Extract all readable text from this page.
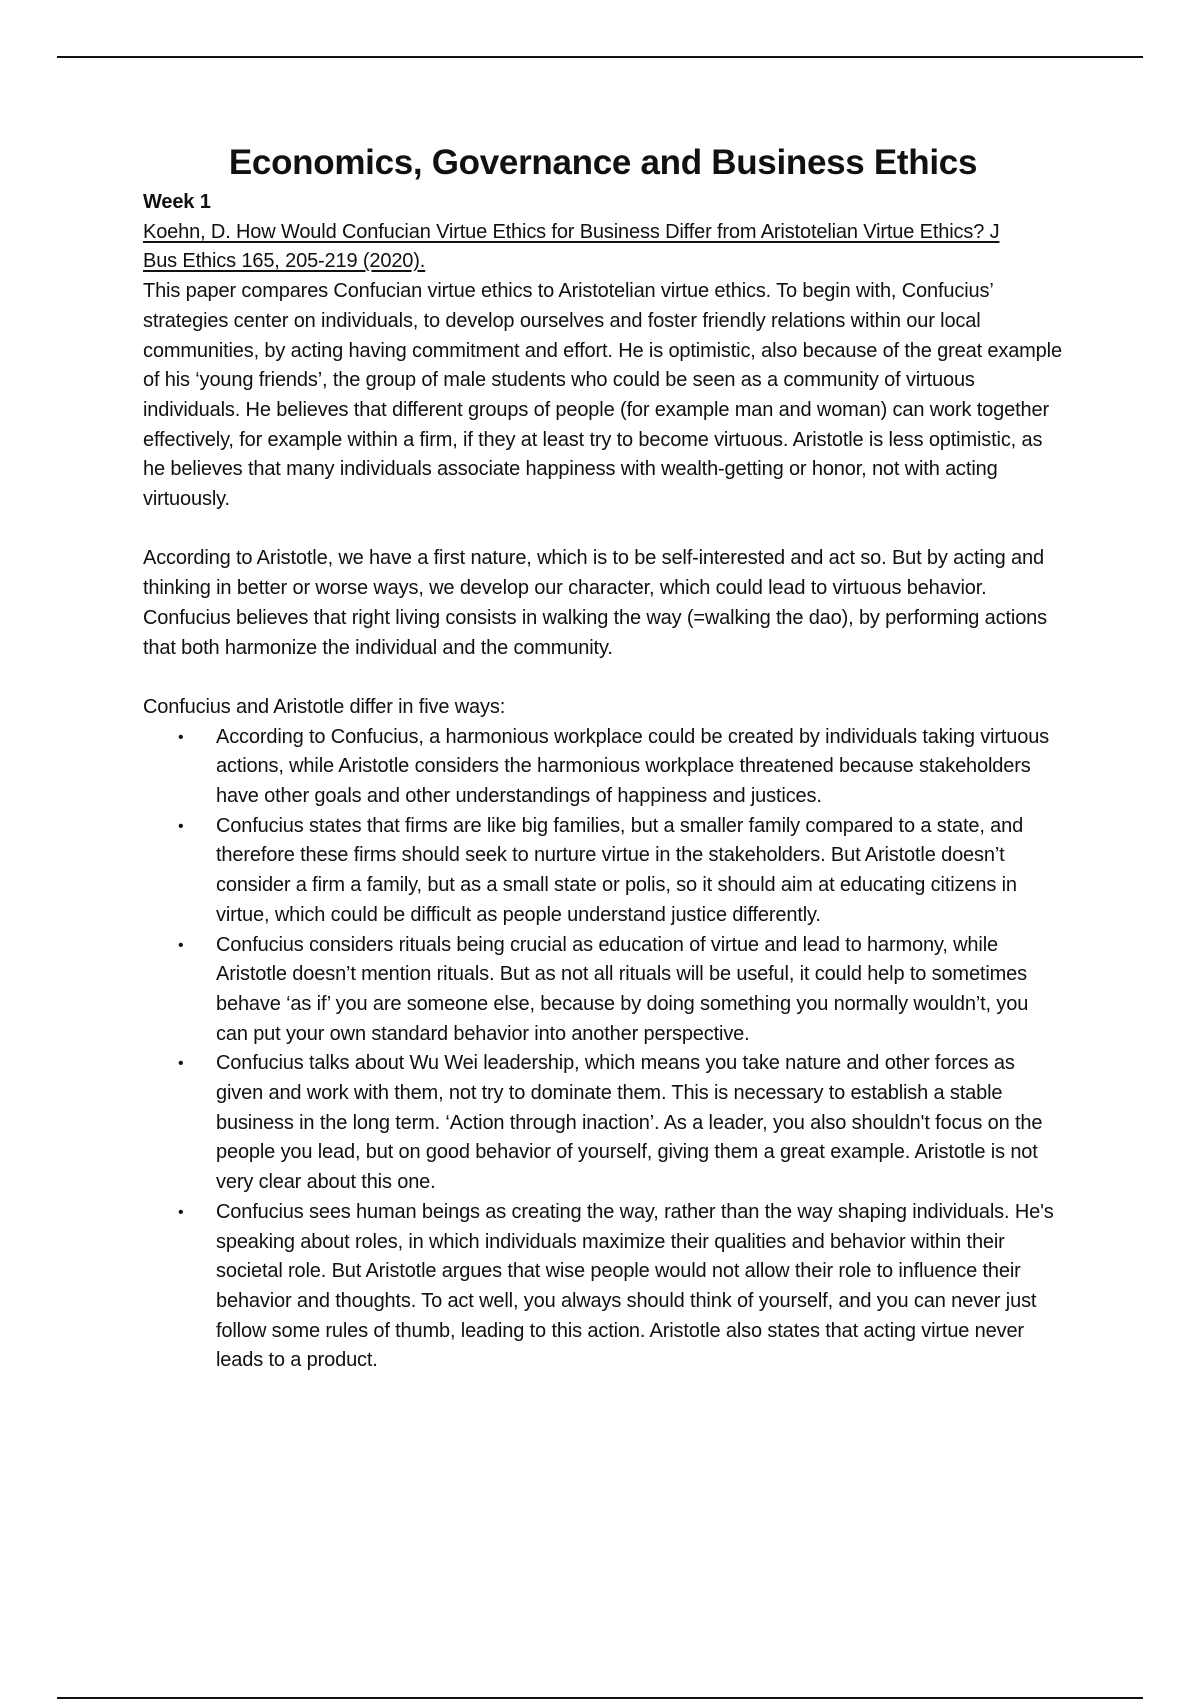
Economics, Governance and Business Ethics

Week 1

Koehn, D. How Would Confucian Virtue Ethics for Business Differ from Aristotelian Virtue Ethics? J Bus Ethics 165, 205-219 (2020).

This paper compares Confucian virtue ethics to Aristotelian virtue ethics. To begin with, Confucius’ strategies center on individuals, to develop ourselves and foster friendly relations within our local communities, by acting having commitment and effort. He is optimistic, also because of the great example of his ‘young friends’, the group of male students who could be seen as a community of virtuous individuals. He believes that different groups of people (for example man and woman) can work together effectively, for example within a firm, if they at least try to become virtuous. Aristotle is less optimistic, as he believes that many individuals associate happiness with wealth-getting or honor, not with acting virtuously.

According to Aristotle, we have a first nature, which is to be self-interested and act so. But by acting and thinking in better or worse ways, we develop our character, which could lead to virtuous behavior.

Confucius believes that right living consists in walking the way (=walking the dao), by performing actions that both harmonize the individual and the community.

Confucius and Aristotle differ in five ways:

• According to Confucius, a harmonious workplace could be created by individuals taking virtuous actions, while Aristotle considers the harmonious workplace threatened because stakeholders have other goals and other understandings of happiness and justices.
• Confucius states that firms are like big families, but a smaller family compared to a state, and therefore these firms should seek to nurture virtue in the stakeholders. But Aristotle doesn’t consider a firm a family, but as a small state or polis, so it should aim at educating citizens in virtue, which could be difficult as people understand justice differently.
• Confucius considers rituals being crucial as education of virtue and lead to harmony, while Aristotle doesn’t mention rituals. But as not all rituals will be useful, it could help to sometimes behave ‘as if’ you are someone else, because by doing something you normally wouldn’t, you can put your own standard behavior into another perspective.
• Confucius talks about Wu Wei leadership, which means you take nature and other forces as given and work with them, not try to dominate them. This is necessary to establish a stable business in the long term. ‘Action through inaction’. As a leader, you also shouldn't focus on the people you lead, but on good behavior of yourself, giving them a great example. Aristotle is not very clear about this one.
• Confucius sees human beings as creating the way, rather than the way shaping individuals. He's speaking about roles, in which individuals maximize their qualities and behavior within their societal role. But Aristotle argues that wise people would not allow their role to influence their behavior and thoughts. To act well, you always should think of yourself, and you can never just follow some rules of thumb, leading to this action. Aristotle also states that acting virtue never leads to a product.
